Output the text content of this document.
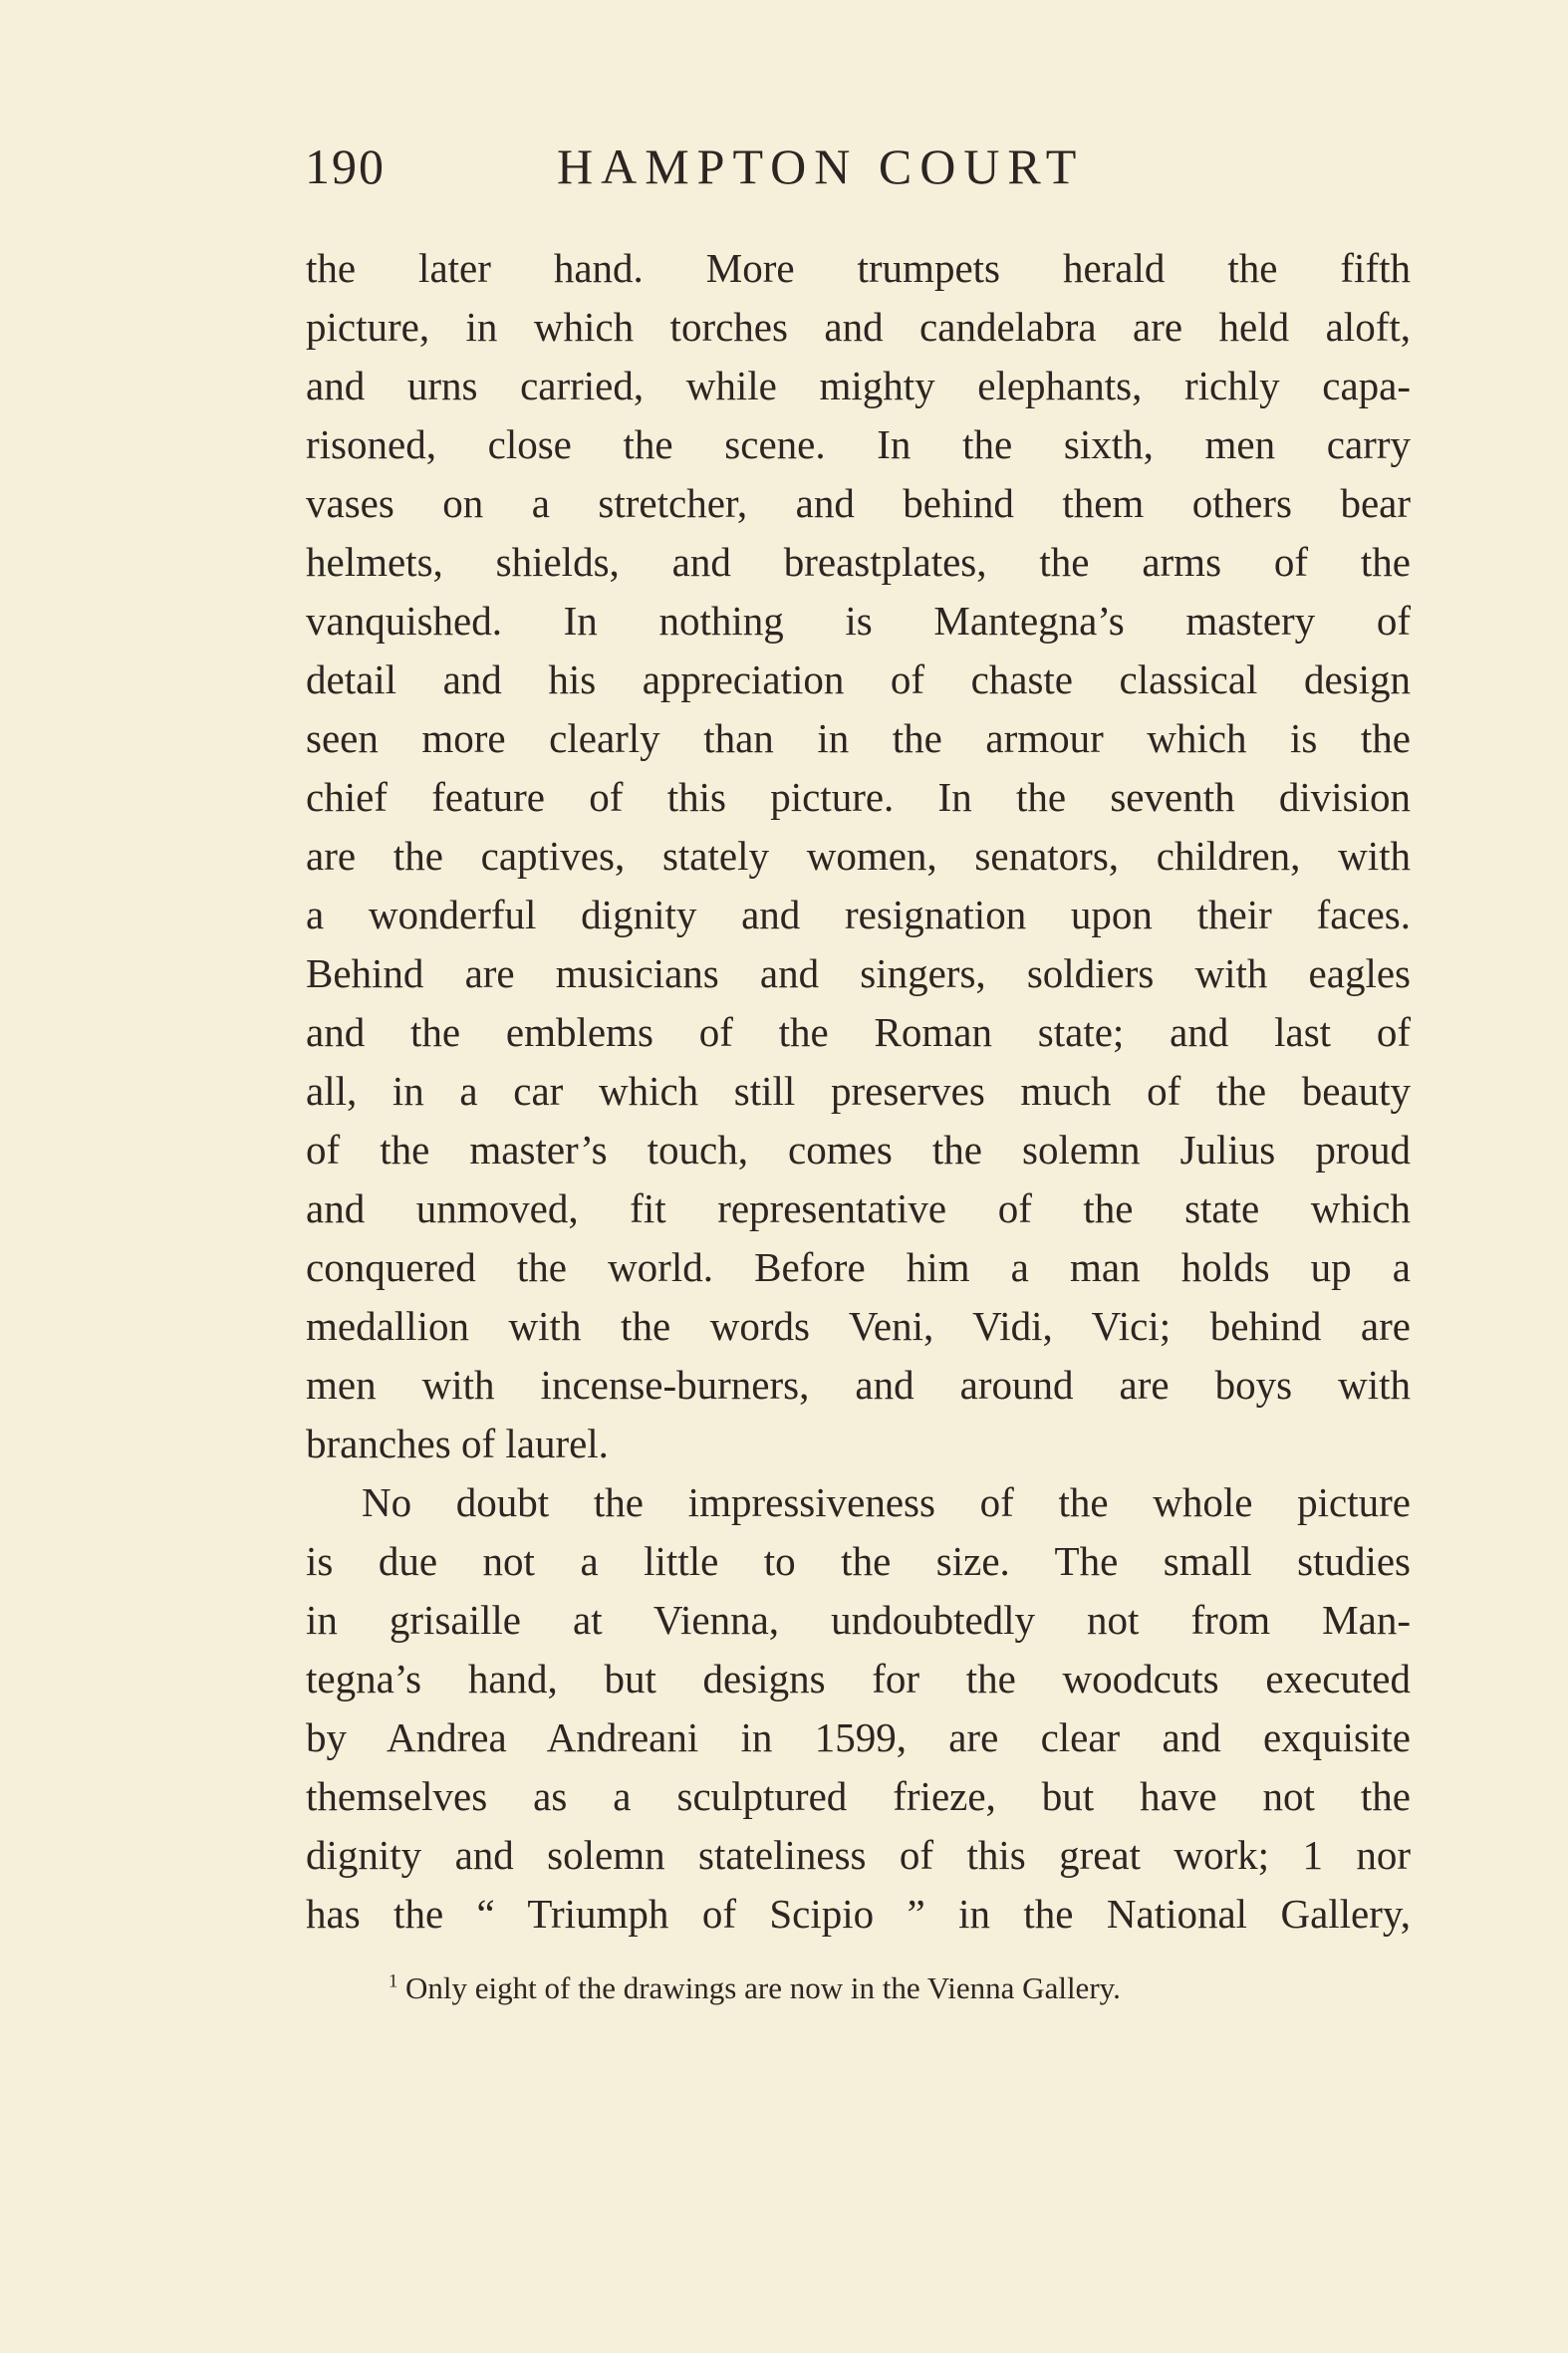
190	HAMPTON COURT
the later hand. More trumpets herald the fifth
picture, in which torches and candelabra are held aloft,
and urns carried, while mighty elephants, richly capa-
risoned, close the scene. In the sixth, men carry
vases on a stretcher, and behind them others bear
helmets, shields, and breastplates, the arms of the
vanquished. In nothing is Mantegna’s mastery of
detail and his appreciation of chaste classical design
seen more clearly than in the armour which is the
chief feature of this picture. In the seventh division
are the captives, stately women, senators, children, with
a wonderful dignity and resignation upon their faces.
Behind are musicians and singers, soldiers with eagles
and the emblems of the Roman state; and last of
all, in a car which still preserves much of the beauty
of the master’s touch, comes the solemn Julius proud
and unmoved, fit representative of the state which
conquered the world. Before him a man holds up a
medallion with the words Veni, Vidi, Vici; behind are
men with incense-burners, and around are boys with
branches of laurel.
No doubt the impressiveness of the whole picture
is due not a little to the size. The small studies
in grisaille at Vienna, undoubtedly not from Man-
tegna’s hand, but designs for the woodcuts executed
by Andrea Andreani in 1599, are clear and exquisite
themselves as a sculptured frieze, but have not the
dignity and solemn stateliness of this great work; 1 nor
has the “ Triumph of Scipio ” in the National Gallery,
$^1$ Only eight of the drawings are now in the Vienna Gallery.
